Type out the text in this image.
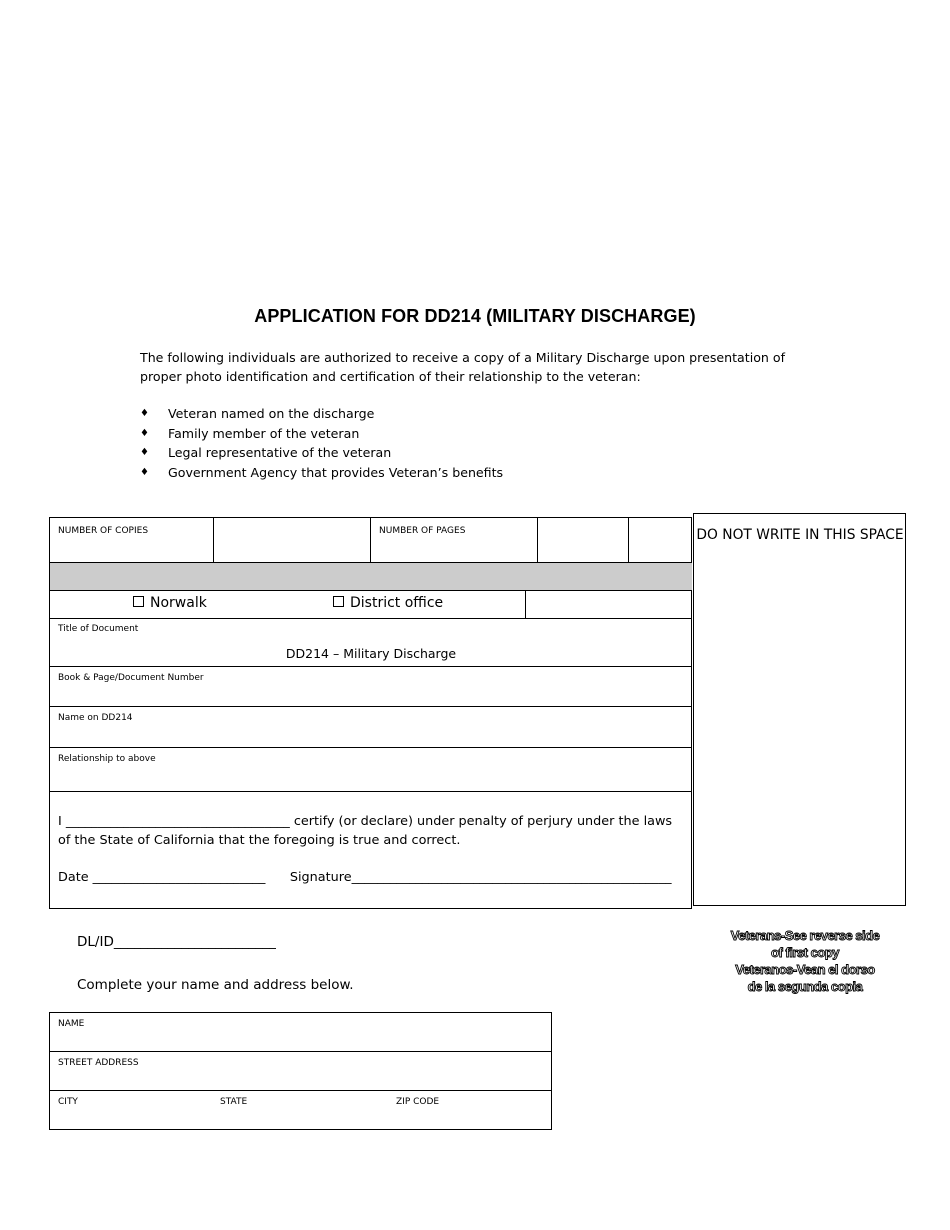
APPLICATION FOR DD214 (MILITARY DISCHARGE)
The following individuals are authorized to receive a copy of a Military Discharge upon presentation of proper photo identification and certification of their relationship to the veteran:
♦ Veteran named on the discharge
♦ Family member of the veteran
♦ Legal representative of the veteran
♦ Government Agency that provides Veteran’s benefits
NUMBER OF COPIES	NUMBER OF PAGES
Norwalk	District office
Title of Document
DD214 – Military Discharge
Book & Page/Document Number
Name on DD214
Relationship to above
I ___________________________________ certify (or declare) under penalty of perjury under the laws of the State of California that the foregoing is true and correct.
Date ___________________________ Signature__________________________________________________
DO NOT WRITE IN THIS SPACE
Veterans-See reverse side
of first copy
Veteranos-Vean el dorso
de la segunda copia
DL/ID________________________
Complete your name and address below.
NAME
STREET ADDRESS
CITY	STATE	ZIP CODE
